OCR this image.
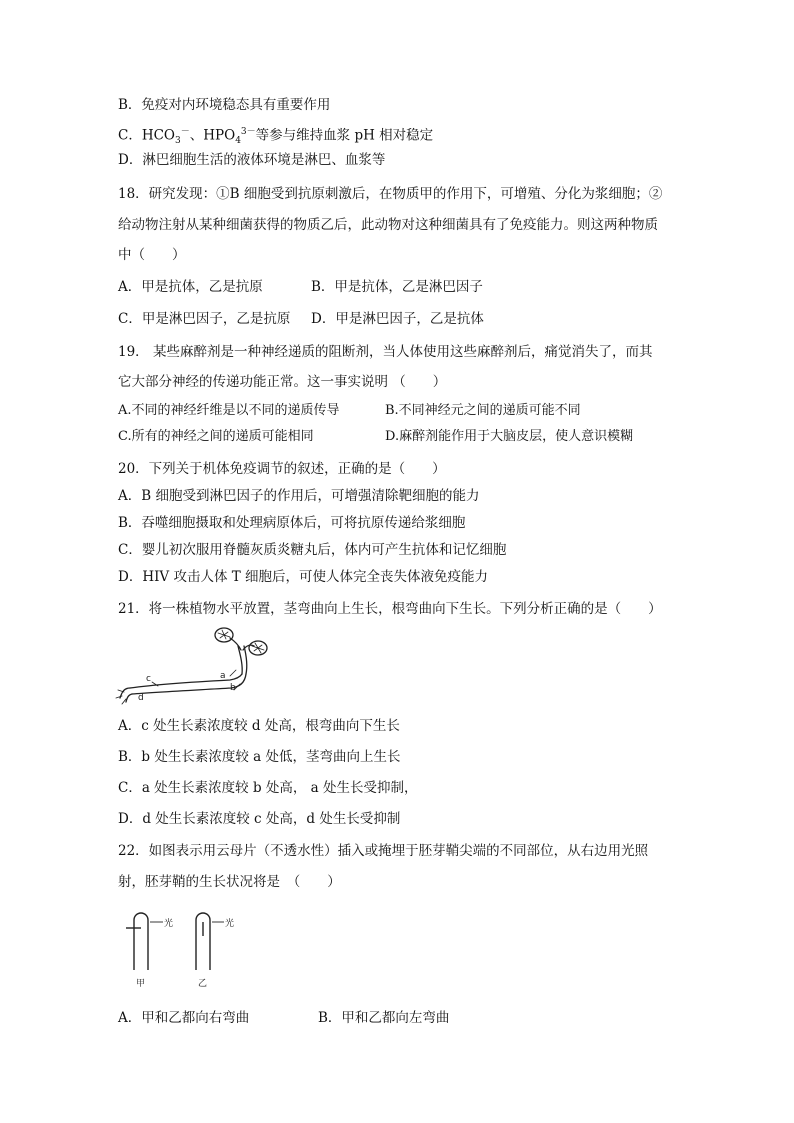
B．免疫对内环境稳态具有重要作用
C．$HCO_3^-$、$HPO_4^{3-}$等参与维持血浆 pH 相对稳定
D．淋巴细胞生活的液体环境是淋巴、血浆等
18．研究发现：①B 细胞受到抗原刺激后，在物质甲的作用下，可增殖、分化为浆细胞；②
给动物注射从某种细菌获得的物质乙后，此动物对这种细菌具有了免疫能力。则这两种物质
中（　　）
A．甲是抗体，乙是抗原	B．甲是抗体，乙是淋巴因子
C．甲是淋巴因子，乙是抗原 D．甲是淋巴因子，乙是抗体
19． 某些麻醉剂是一种神经递质的阻断剂，当人体使用这些麻醉剂后，痛觉消失了，而其
它大部分神经的传递功能正常。这一事实说明 （　　）
A.不同的神经纤维是以不同的递质传导	B.不同神经元之间的递质可能不同
C.所有的神经之间的递质可能相同	D.麻醉剂能作用于大脑皮层，使人意识模糊
20．下列关于机体免疫调节的叙述，正确的是（　　）
A．B 细胞受到淋巴因子的作用后，可增强清除靶细胞的能力
B．吞噬细胞摄取和处理病原体后，可将抗原传递给浆细胞
C．婴儿初次服用脊髓灰质炎糖丸后，体内可产生抗体和记忆细胞
D．HIV 攻击人体 T 细胞后，可使人体完全丧失体液免疫能力
21．将一株植物水平放置，茎弯曲向上生长，根弯曲向下生长。下列分析正确的是（　　）
c
d
a
b
A．c 处生长素浓度较 d 处高，根弯曲向下生长
B．b 处生长素浓度较 a 处低，茎弯曲向上生长
C．a 处生长素浓度较 b 处高， a 处生长受抑制，
D．d 处生长素浓度较 c 处高，d 处生长受抑制
22．如图表示用云母片（不透水性）插入或掩埋于胚芽鞘尖端的不同部位，从右边用光照
射，胚芽鞘的生长状况将是　（　　）
光	光
甲	乙
A．甲和乙都向右弯曲	B．甲和乙都向左弯曲
